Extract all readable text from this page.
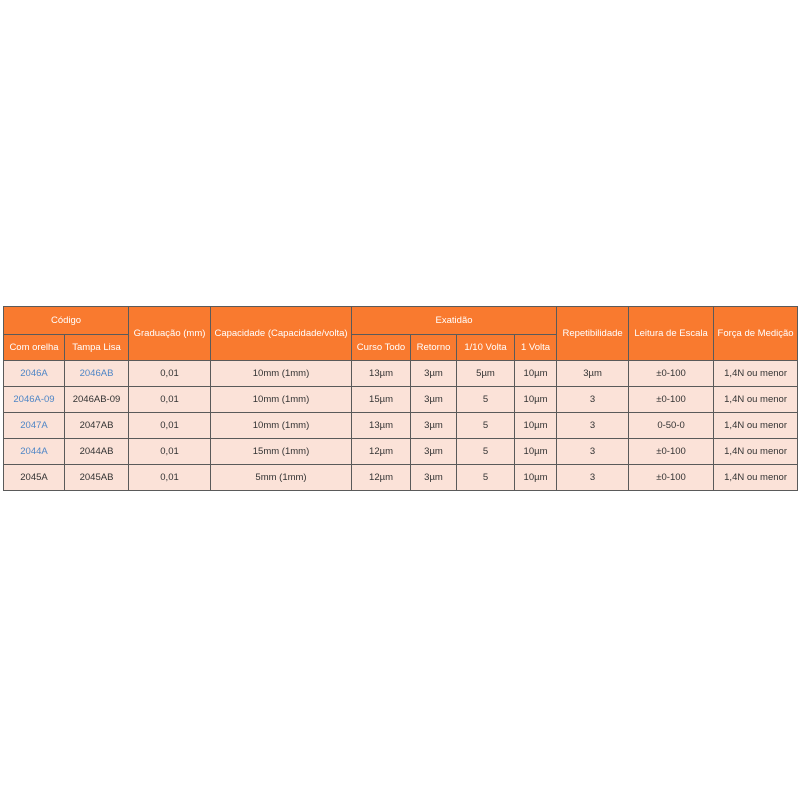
Código		Graduação (mm)	Capacidade (Capacidade/volta)	Exatidão				Repetibilidade	Leitura de Escala	Força de Medição
Com orelha	Tampa Lisa			Curso Todo	Retorno	1/10 Volta	1 Volta			
2046A	2046AB	0,01	10mm (1mm)	13µm	3µm	5µm	10µm	3µm	±0-100	1,4N ou menor
2046A-09	2046AB-09	0,01	10mm (1mm)	15µm	3µm	5	10µm	3	±0-100	1,4N ou menor
2047A	2047AB	0,01	10mm (1mm)	13µm	3µm	5	10µm	3	0-50-0	1,4N ou menor
2044A	2044AB	0,01	15mm (1mm)	12µm	3µm	5	10µm	3	±0-100	1,4N ou menor
2045A	2045AB	0,01	5mm (1mm)	12µm	3µm	5	10µm	3	±0-100	1,4N ou menor
